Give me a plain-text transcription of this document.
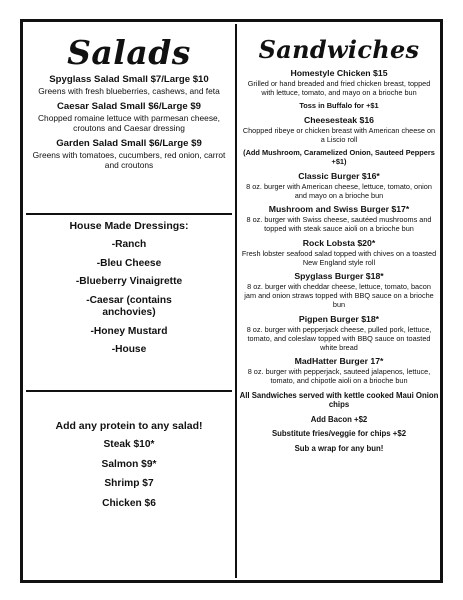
Salads

Spyglass Salad Small $7/Large $10

Greens with fresh blueberries, cashews, and feta

Caesar Salad Small $6/Large $9

Chopped romaine lettuce with parmesan cheese, croutons and Caesar dressing

Garden Salad Small $6/Large $9

Greens with tomatoes, cucumbers, red onion, carrot and croutons

House Made Dressings:

-Ranch

-Bleu Cheese

-Blueberry Vinaigrette

-Caesar (contains anchovies)

-Honey Mustard

-House

Add any protein to any salad!

Steak $10*

Salmon $9*

Shrimp $7

Chicken $6

Sandwiches

Homestyle Chicken $15

Grilled or hand breaded and fried chicken breast, topped with lettuce, tomato, and mayo on a brioche bun

Toss in Buffalo for +$1

Cheesesteak $16

Chopped ribeye or chicken breast with American cheese on a Liscio roll

(Add Mushroom, Caramelized Onion, Sauteed Peppers +$1)

Classic Burger $16*

8 oz. burger with American cheese, lettuce, tomato, onion and mayo on a brioche bun

Mushroom and Swiss Burger $17*

8 oz. burger with Swiss cheese, sautéed mushrooms and topped with steak sauce aioli on a brioche bun

Rock Lobsta $20*

Fresh lobster seafood salad topped with chives on a toasted New England style roll

Spyglass Burger $18*

8 oz. burger with cheddar cheese, lettuce, tomato, bacon jam and onion straws topped with BBQ sauce on a brioche bun

Pigpen Burger $18*

8 oz. burger with pepperjack cheese, pulled pork, lettuce, tomato, and coleslaw topped with BBQ sauce on toasted white bread

MadHatter Burger 17*

8 oz. burger with pepperjack, sauteed jalapenos, lettuce, tomato, and chipotle aioli on a brioche bun

All Sandwiches served with kettle cooked Maui Onion chips

Add Bacon +$2

Substitute fries/veggie for chips +$2

Sub a wrap for any bun!
